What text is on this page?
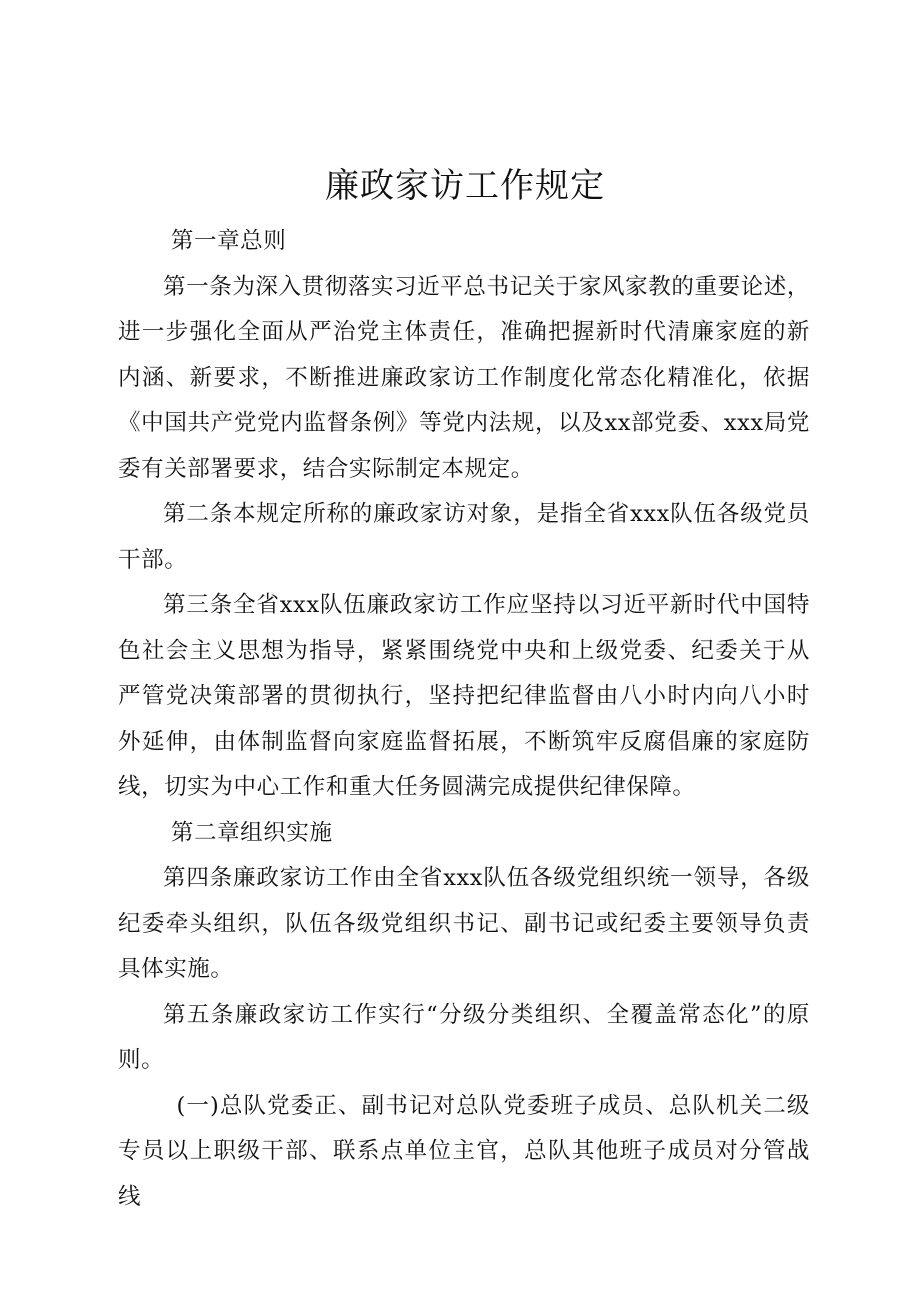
廉政家访工作规定

第一章总则

第一条为深入贯彻落实习近平总书记关于家风家教的重要论述，进一步强化全面从严治党主体责任，准确把握新时代清廉家庭的新内涵、新要求，不断推进廉政家访工作制度化常态化精准化，依据《中国共产党党内监督条例》等党内法规，以及xx部党委、xxx局党委有关部署要求，结合实际制定本规定。

第二条本规定所称的廉政家访对象，是指全省xxx队伍各级党员干部。

第三条全省xxx队伍廉政家访工作应坚持以习近平新时代中国特色社会主义思想为指导，紧紧围绕党中央和上级党委、纪委关于从严管党决策部署的贯彻执行，坚持把纪律监督由八小时内向八小时外延伸，由体制监督向家庭监督拓展，不断筑牢反腐倡廉的家庭防线，切实为中心工作和重大任务圆满完成提供纪律保障。

第二章组织实施

第四条廉政家访工作由全省xxx队伍各级党组织统一领导，各级纪委牵头组织，队伍各级党组织书记、副书记或纪委主要领导负责具体实施。

第五条廉政家访工作实行“分级分类组织、全覆盖常态化”的原则。

(一)总队党委正、副书记对总队党委班子成员、总队机关二级专员以上职级干部、联系点单位主官，总队其他班子成员对分管战线
